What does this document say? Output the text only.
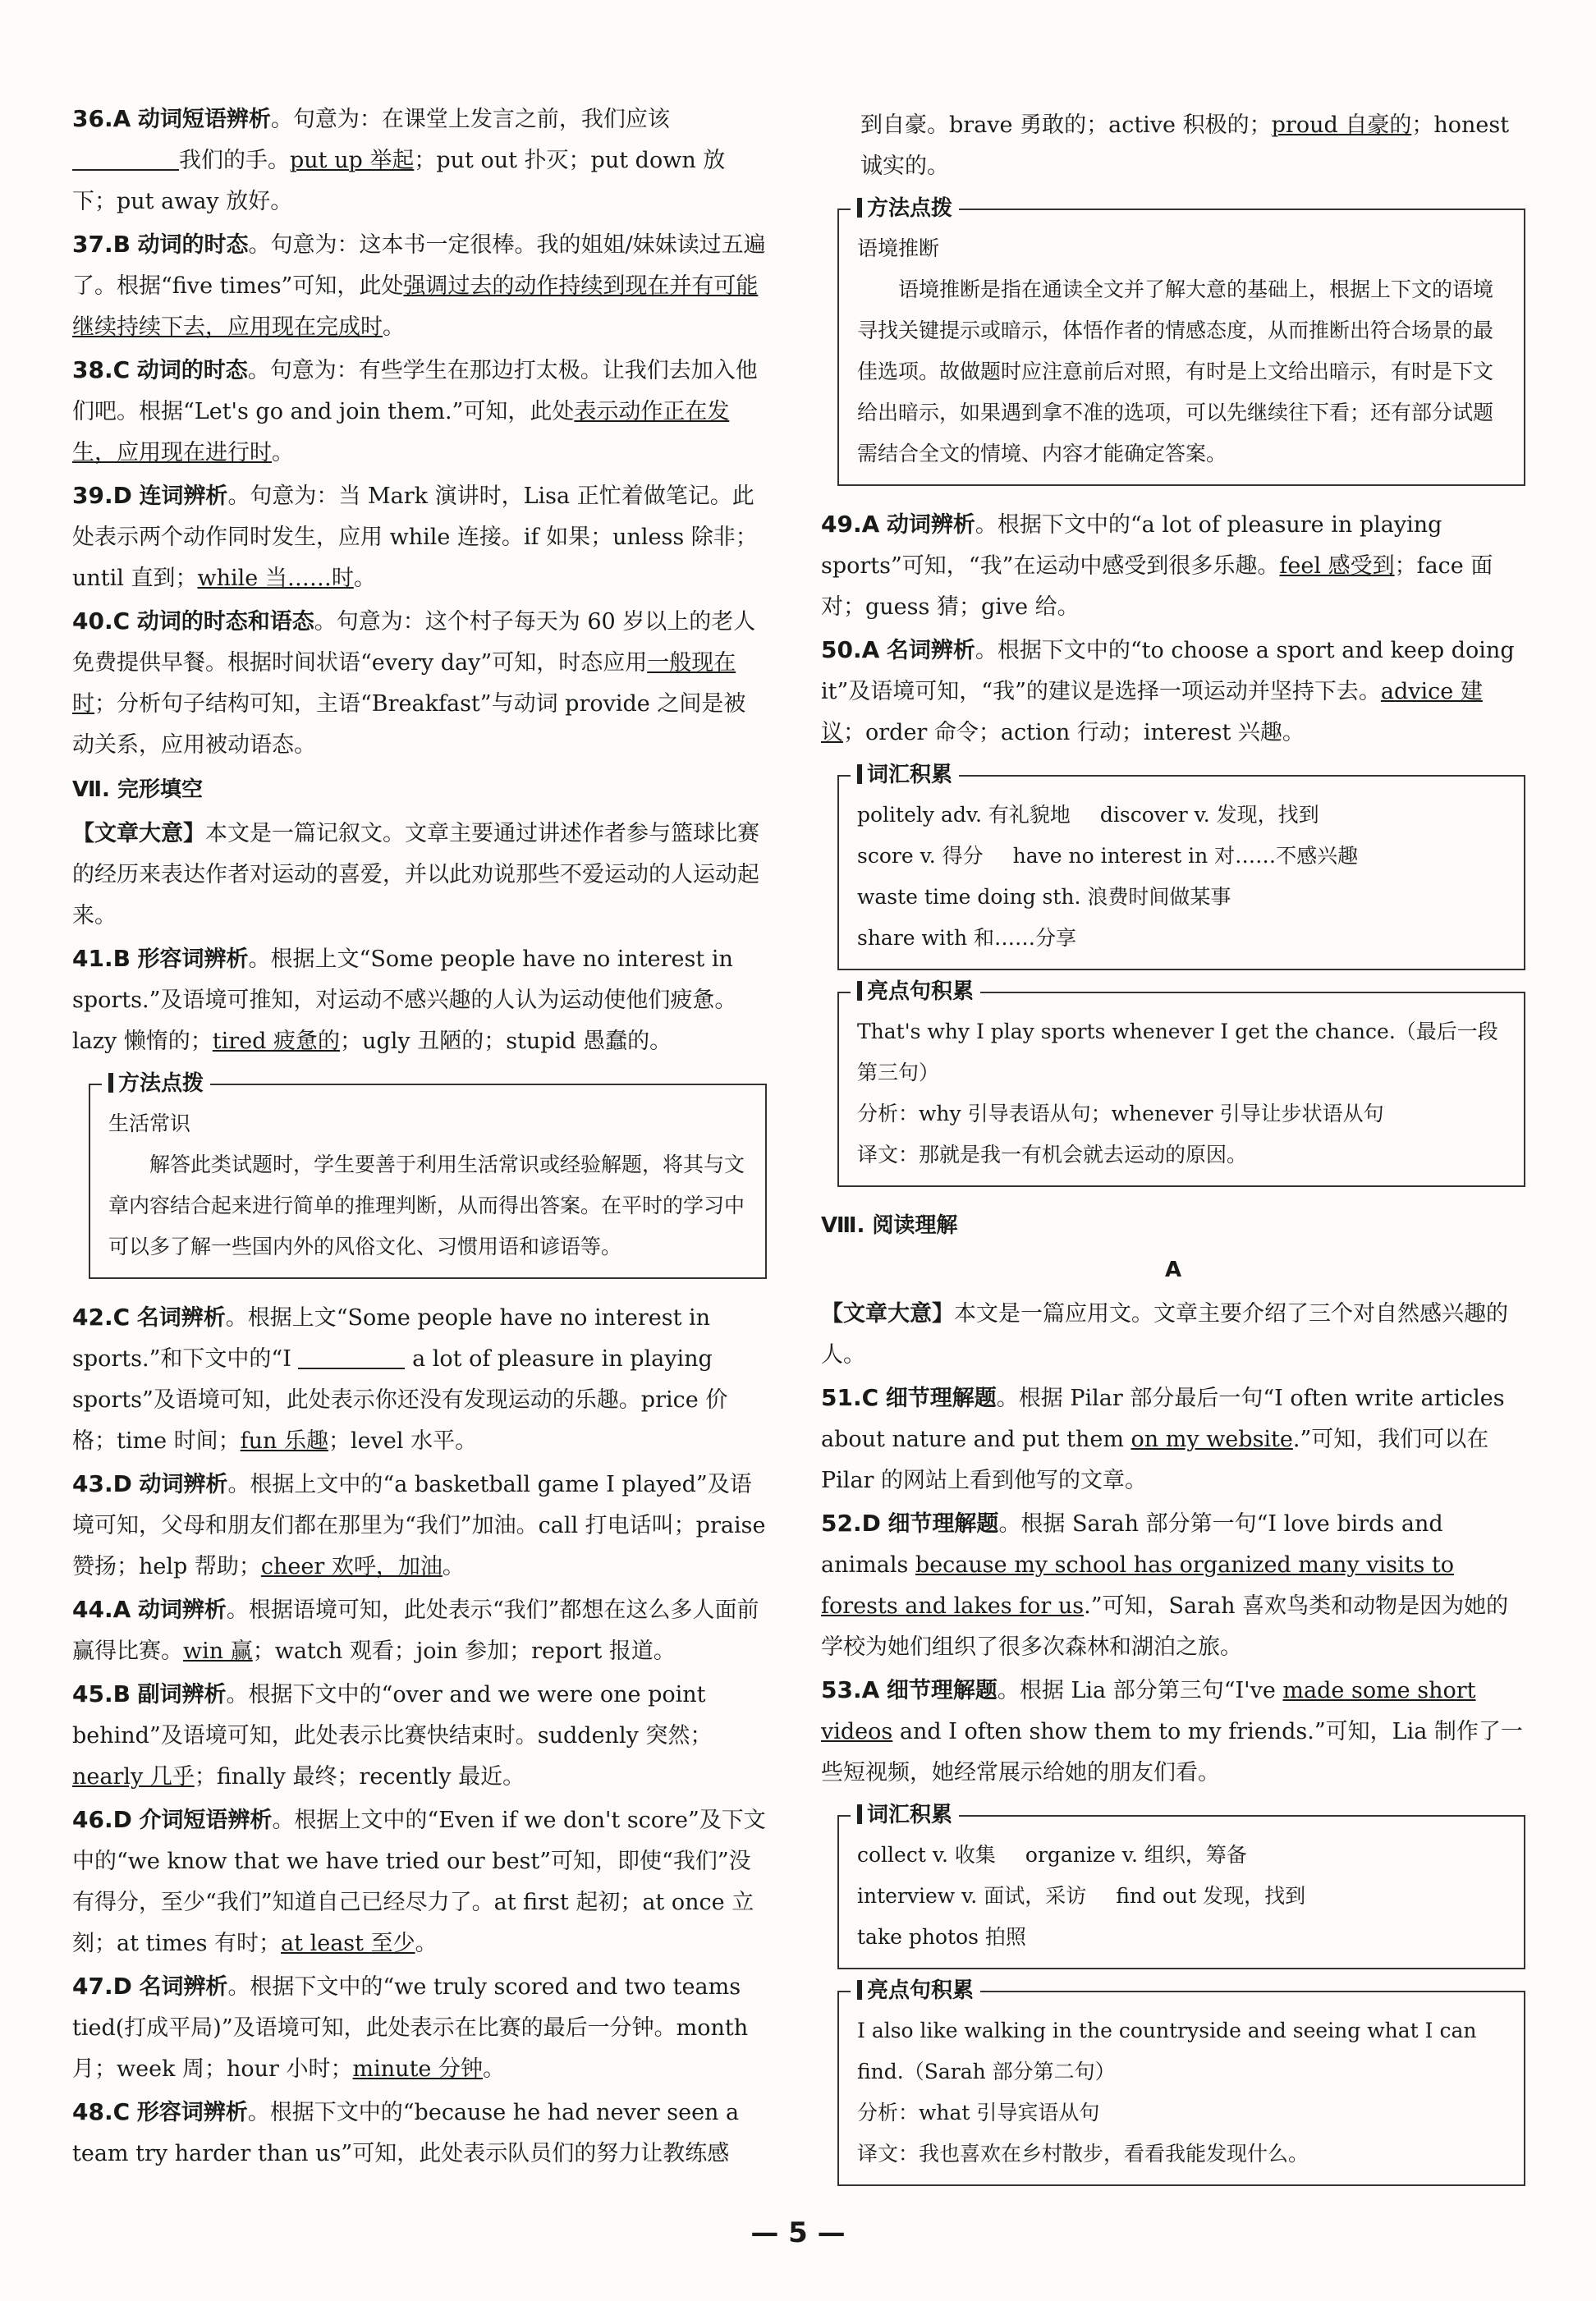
36.A 动词短语辨析。句意为：在课堂上发言之前，我们应该 我们的手。put up 举起；put out 扑灭；put down 放下；put away 放好。
37.B 动词的时态。句意为：这本书一定很棒。我的姐姐/妹妹读过五遍了。根据“five times”可知，此处强调过去的动作持续到现在并有可能继续持续下去，应用现在完成时。
38.C 动词的时态。句意为：有些学生在那边打太极。让我们去加入他们吧。根据“Let's go and join them.”可知，此处表示动作正在发生，应用现在进行时。
39.D 连词辨析。句意为：当 Mark 演讲时，Lisa 正忙着做笔记。此处表示两个动作同时发生，应用 while 连接。if 如果；unless 除非；until 直到；while 当……时。
40.C 动词的时态和语态。句意为：这个村子每天为 60 岁以上的老人免费提供早餐。根据时间状语“every day”可知，时态应用一般现在时；分析句子结构可知，主语“Breakfast”与动词 provide 之间是被动关系，应用被动语态。
Ⅶ. 完形填空
【文章大意】本文是一篇记叙文。文章主要通过讲述作者参与篮球比赛的经历来表达作者对运动的喜爱，并以此劝说那些不爱运动的人运动起来。
41.B 形容词辨析。根据上文“Some people have no interest in sports.”及语境可推知，对运动不感兴趣的人认为运动使他们疲惫。lazy 懒惰的；tired 疲惫的；ugly 丑陋的；stupid 愚蠢的。
方法点拨

生活常识

解答此类试题时，学生要善于利用生活常识或经验解题，将其与文章内容结合起来进行简单的推理判断，从而得出答案。在平时的学习中可以多了解一些国内外的风俗文化、习惯用语和谚语等。

42.C 名词辨析。根据上文“Some people have no interest in sports.”和下文中的“I	a lot of pleasure in playing sports”及语境可知，此处表示你还没有发现运动的乐趣。price 价格；time 时间；fun 乐趣；level 水平。
43.D 动词辨析。根据上文中的“a basketball game I played”及语境可知，父母和朋友们都在那里为“我们”加油。call 打电话叫；praise 赞扬；help 帮助；cheer 欢呼，加油。
44.A 动词辨析。根据语境可知，此处表示“我们”都想在这么多人面前赢得比赛。win 赢；watch 观看；join 参加；report 报道。
45.B 副词辨析。根据下文中的“over and we were one point behind”及语境可知，此处表示比赛快结束时。suddenly 突然；nearly 几乎；finally 最终；recently 最近。
46.D 介词短语辨析。根据上文中的“Even if we don't score”及下文中的“we know that we have tried our best”可知，即使“我们”没有得分，至少“我们”知道自己已经尽力了。at first 起初；at once 立刻；at times 有时；at least 至少。
47.D 名词辨析。根据下文中的“we truly scored and two teams tied(打成平局)”及语境可知，此处表示在比赛的最后一分钟。month 月；week 周；hour 小时；minute 分钟。
48.C 形容词辨析。根据下文中的“because he had never seen a team try harder than us”可知，此处表示队员们的努力让教练感
到自豪。brave 勇敢的；active 积极的；proud 自豪的；honest 诚实的。
方法点拨

语境推断

语境推断是指在通读全文并了解大意的基础上，根据上下文的语境寻找关键提示或暗示，体悟作者的情感态度，从而推断出符合场景的最佳选项。故做题时应注意前后对照，有时是上文给出暗示，有时是下文给出暗示，如果遇到拿不准的选项，可以先继续往下看；还有部分试题需结合全文的情境、内容才能确定答案。

49.A 动词辨析。根据下文中的“a lot of pleasure in playing sports”可知，“我”在运动中感受到很多乐趣。feel 感受到；face 面对；guess 猜；give 给。
50.A 名词辨析。根据下文中的“to choose a sport and keep doing it”及语境可知，“我”的建议是选择一项运动并坚持下去。advice 建议；order 命令；action 行动；interest 兴趣。
词汇积累
politely adv. 有礼貌地 discover v. 发现，找到
score v. 得分 have no interest in 对……不感兴趣
waste time doing sth. 浪费时间做某事
share with 和……分享
亮点句积累

That's why I play sports whenever I get the chance.（最后一段第三句）

分析：why 引导表语从句；whenever 引导让步状语从句

译文：那就是我一有机会就去运动的原因。

Ⅷ. 阅读理解
A
【文章大意】本文是一篇应用文。文章主要介绍了三个对自然感兴趣的人。
51.C 细节理解题。根据 Pilar 部分最后一句“I often write articles about nature and put them on my website.”可知，我们可以在 Pilar 的网站上看到他写的文章。
52.D 细节理解题。根据 Sarah 部分第一句“I love birds and animals because my school has organized many visits to forests and lakes for us.”可知，Sarah 喜欢鸟类和动物是因为她的学校为她们组织了很多次森林和湖泊之旅。
53.A 细节理解题。根据 Lia 部分第三句“I've made some short videos and I often show them to my friends.”可知，Lia 制作了一些短视频，她经常展示给她的朋友们看。
词汇积累
collect v. 收集 organize v. 组织，筹备
interview v. 面试，采访 find out 发现，找到
take photos 拍照
亮点句积累

I also like walking in the countryside and seeing what I can find.（Sarah 部分第二句）

分析：what 引导宾语从句

译文：我也喜欢在乡村散步，看看我能发现什么。

— 5 —
